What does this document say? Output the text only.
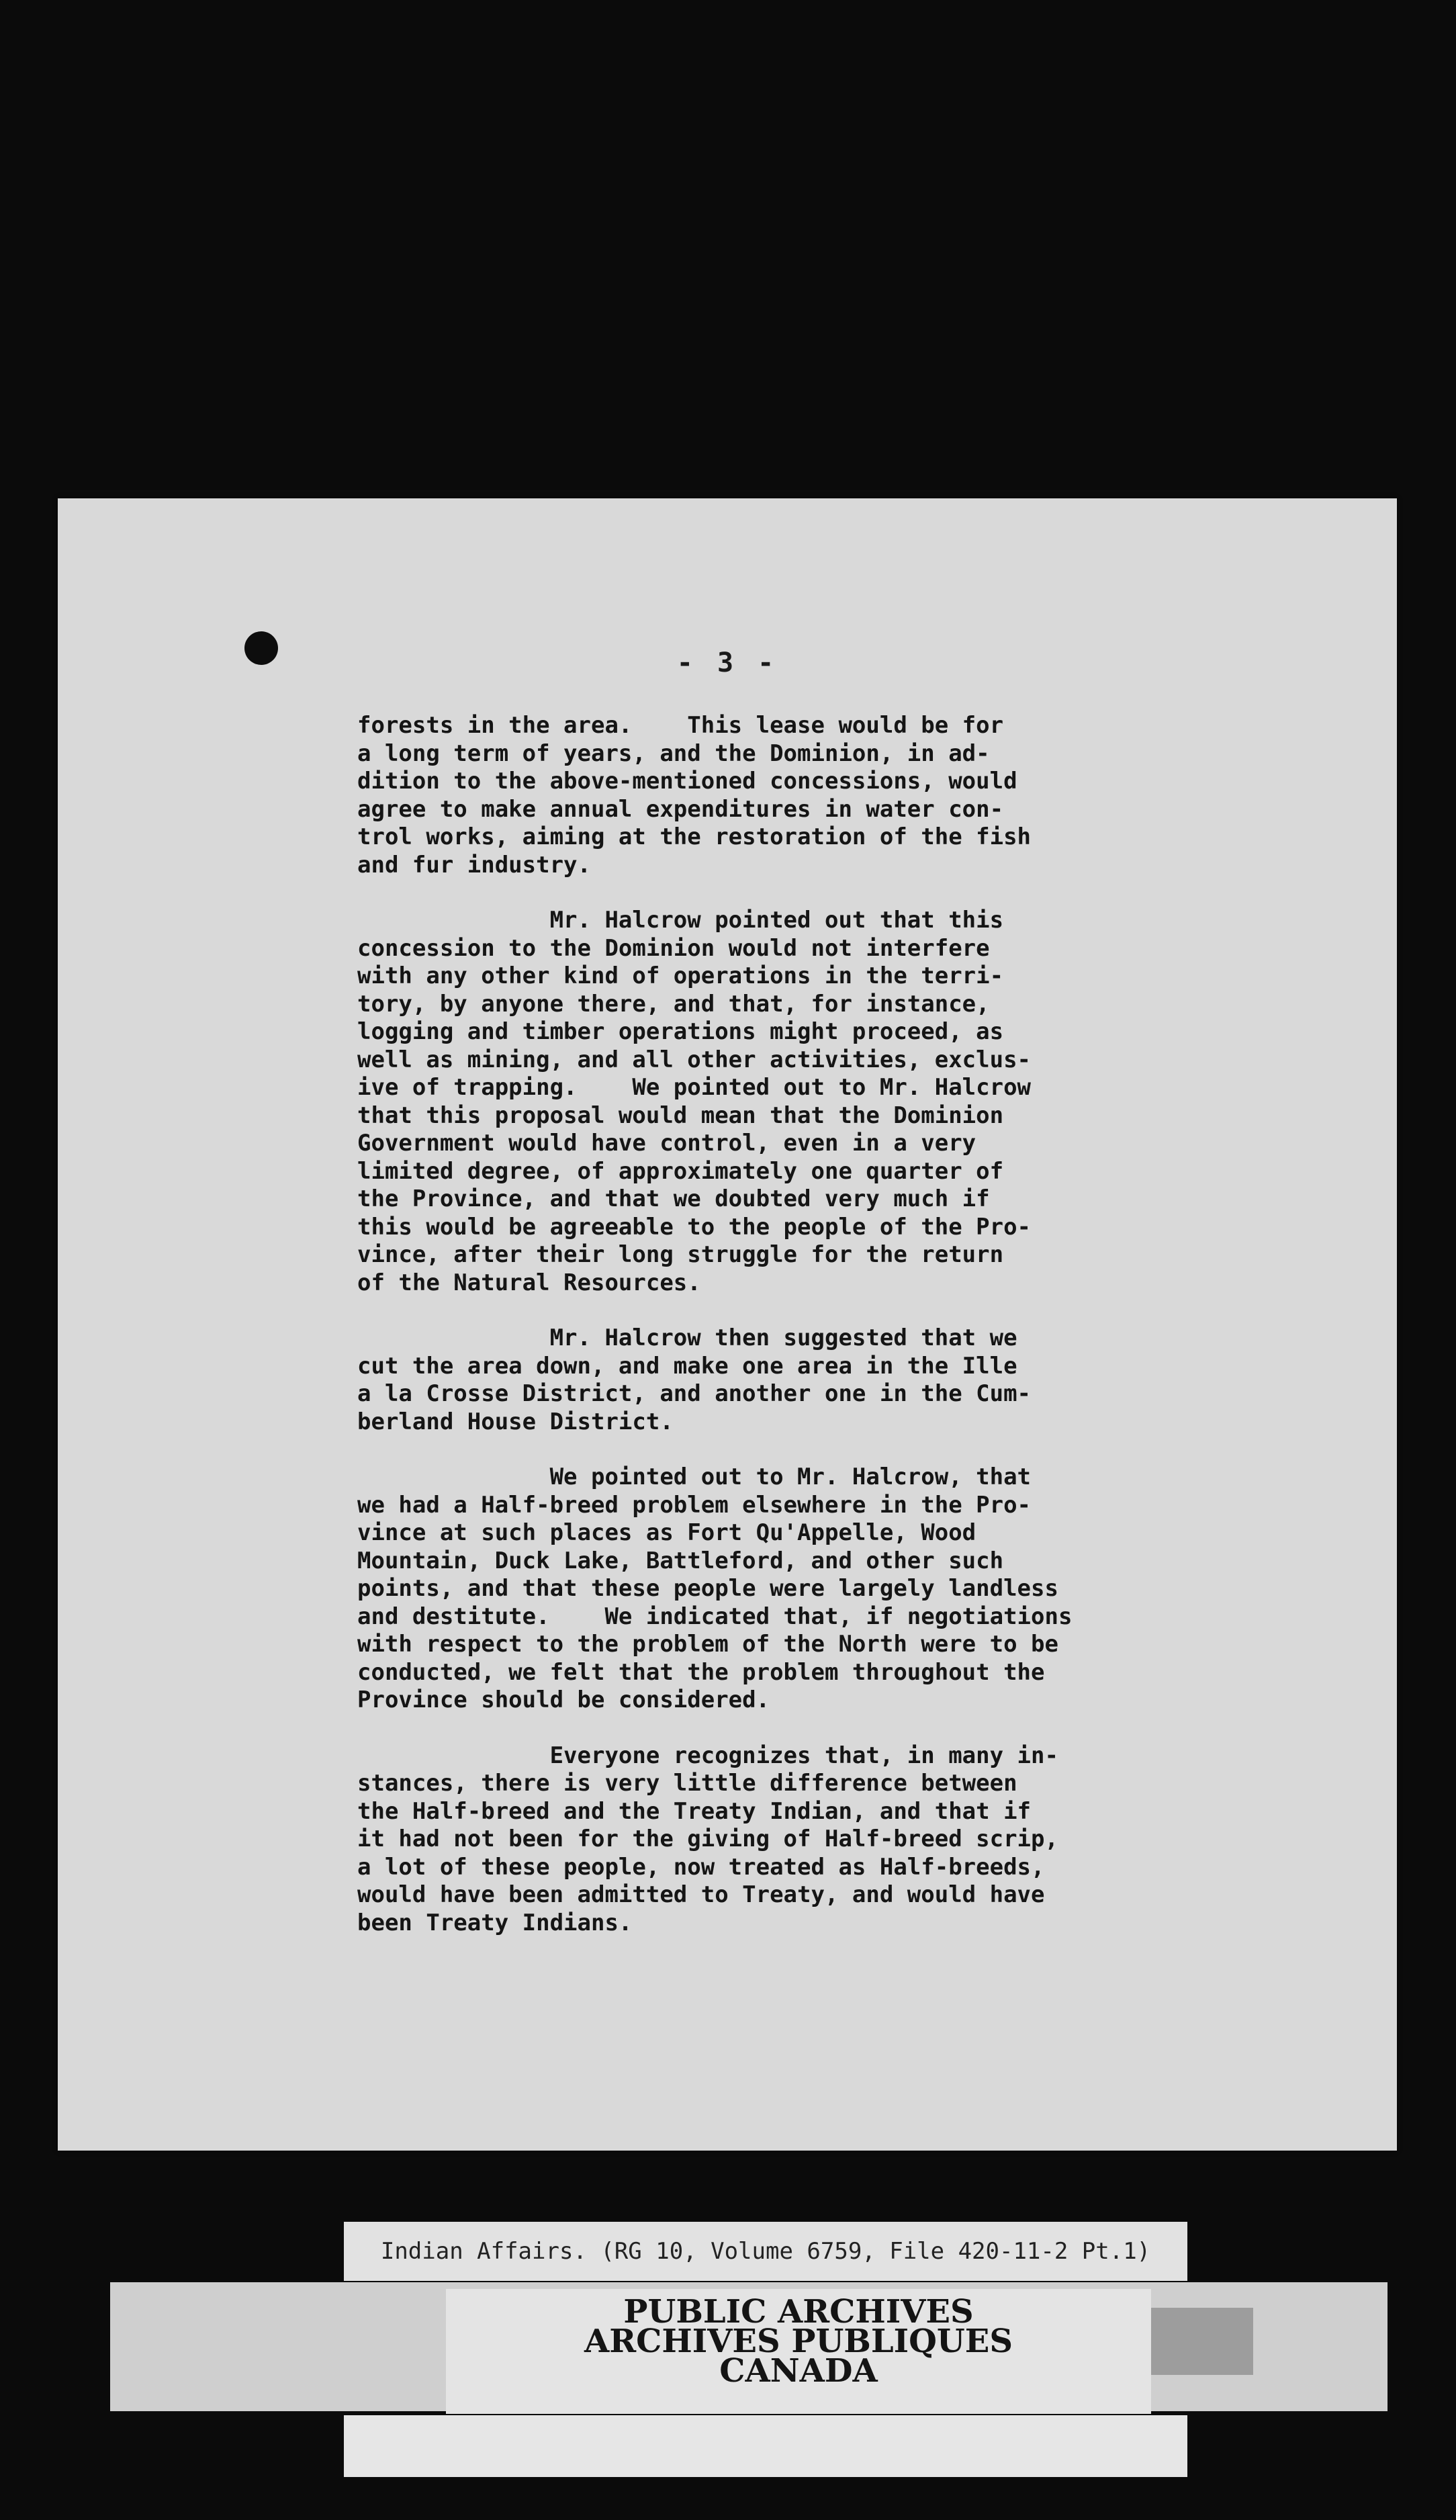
- 3 -
forests in the area.    This lease would be for
a long term of years, and the Dominion, in ad-
dition to the above-mentioned concessions, would
agree to make annual expenditures in water con-
trol works, aiming at the restoration of the fish
and fur industry.
Mr. Halcrow pointed out that this
concession to the Dominion would not interfere
with any other kind of operations in the terri-
tory, by anyone there, and that, for instance,
logging and timber operations might proceed, as
well as mining, and all other activities, exclus-
ive of trapping.    We pointed out to Mr. Halcrow
that this proposal would mean that the Dominion
Government would have control, even in a very
limited degree, of approximately one quarter of
the Province, and that we doubted very much if
this would be agreeable to the people of the Pro-
vince, after their long struggle for the return
of the Natural Resources.
Mr. Halcrow then suggested that we
cut the area down, and make one area in the Ille
a la Crosse District, and another one in the Cum-
berland House District.
We pointed out to Mr. Halcrow, that
we had a Half-breed problem elsewhere in the Pro-
vince at such places as Fort Qu'Appelle, Wood
Mountain, Duck Lake, Battleford, and other such
points, and that these people were largely landless
and destitute.    We indicated that, if negotiations
with respect to the problem of the North were to be
conducted, we felt that the problem throughout the
Province should be considered.
Everyone recognizes that, in many in-
stances, there is very little difference between
the Half-breed and the Treaty Indian, and that if
it had not been for the giving of Half-breed scrip,
a lot of these people, now treated as Half-breeds,
would have been admitted to Treaty, and would have
been Treaty Indians.
Indian Affairs. (RG 10, Volume 6759, File 420-11-2 Pt.1)
PUBLIC ARCHIVES
ARCHIVES PUBLIQUES
CANADA
